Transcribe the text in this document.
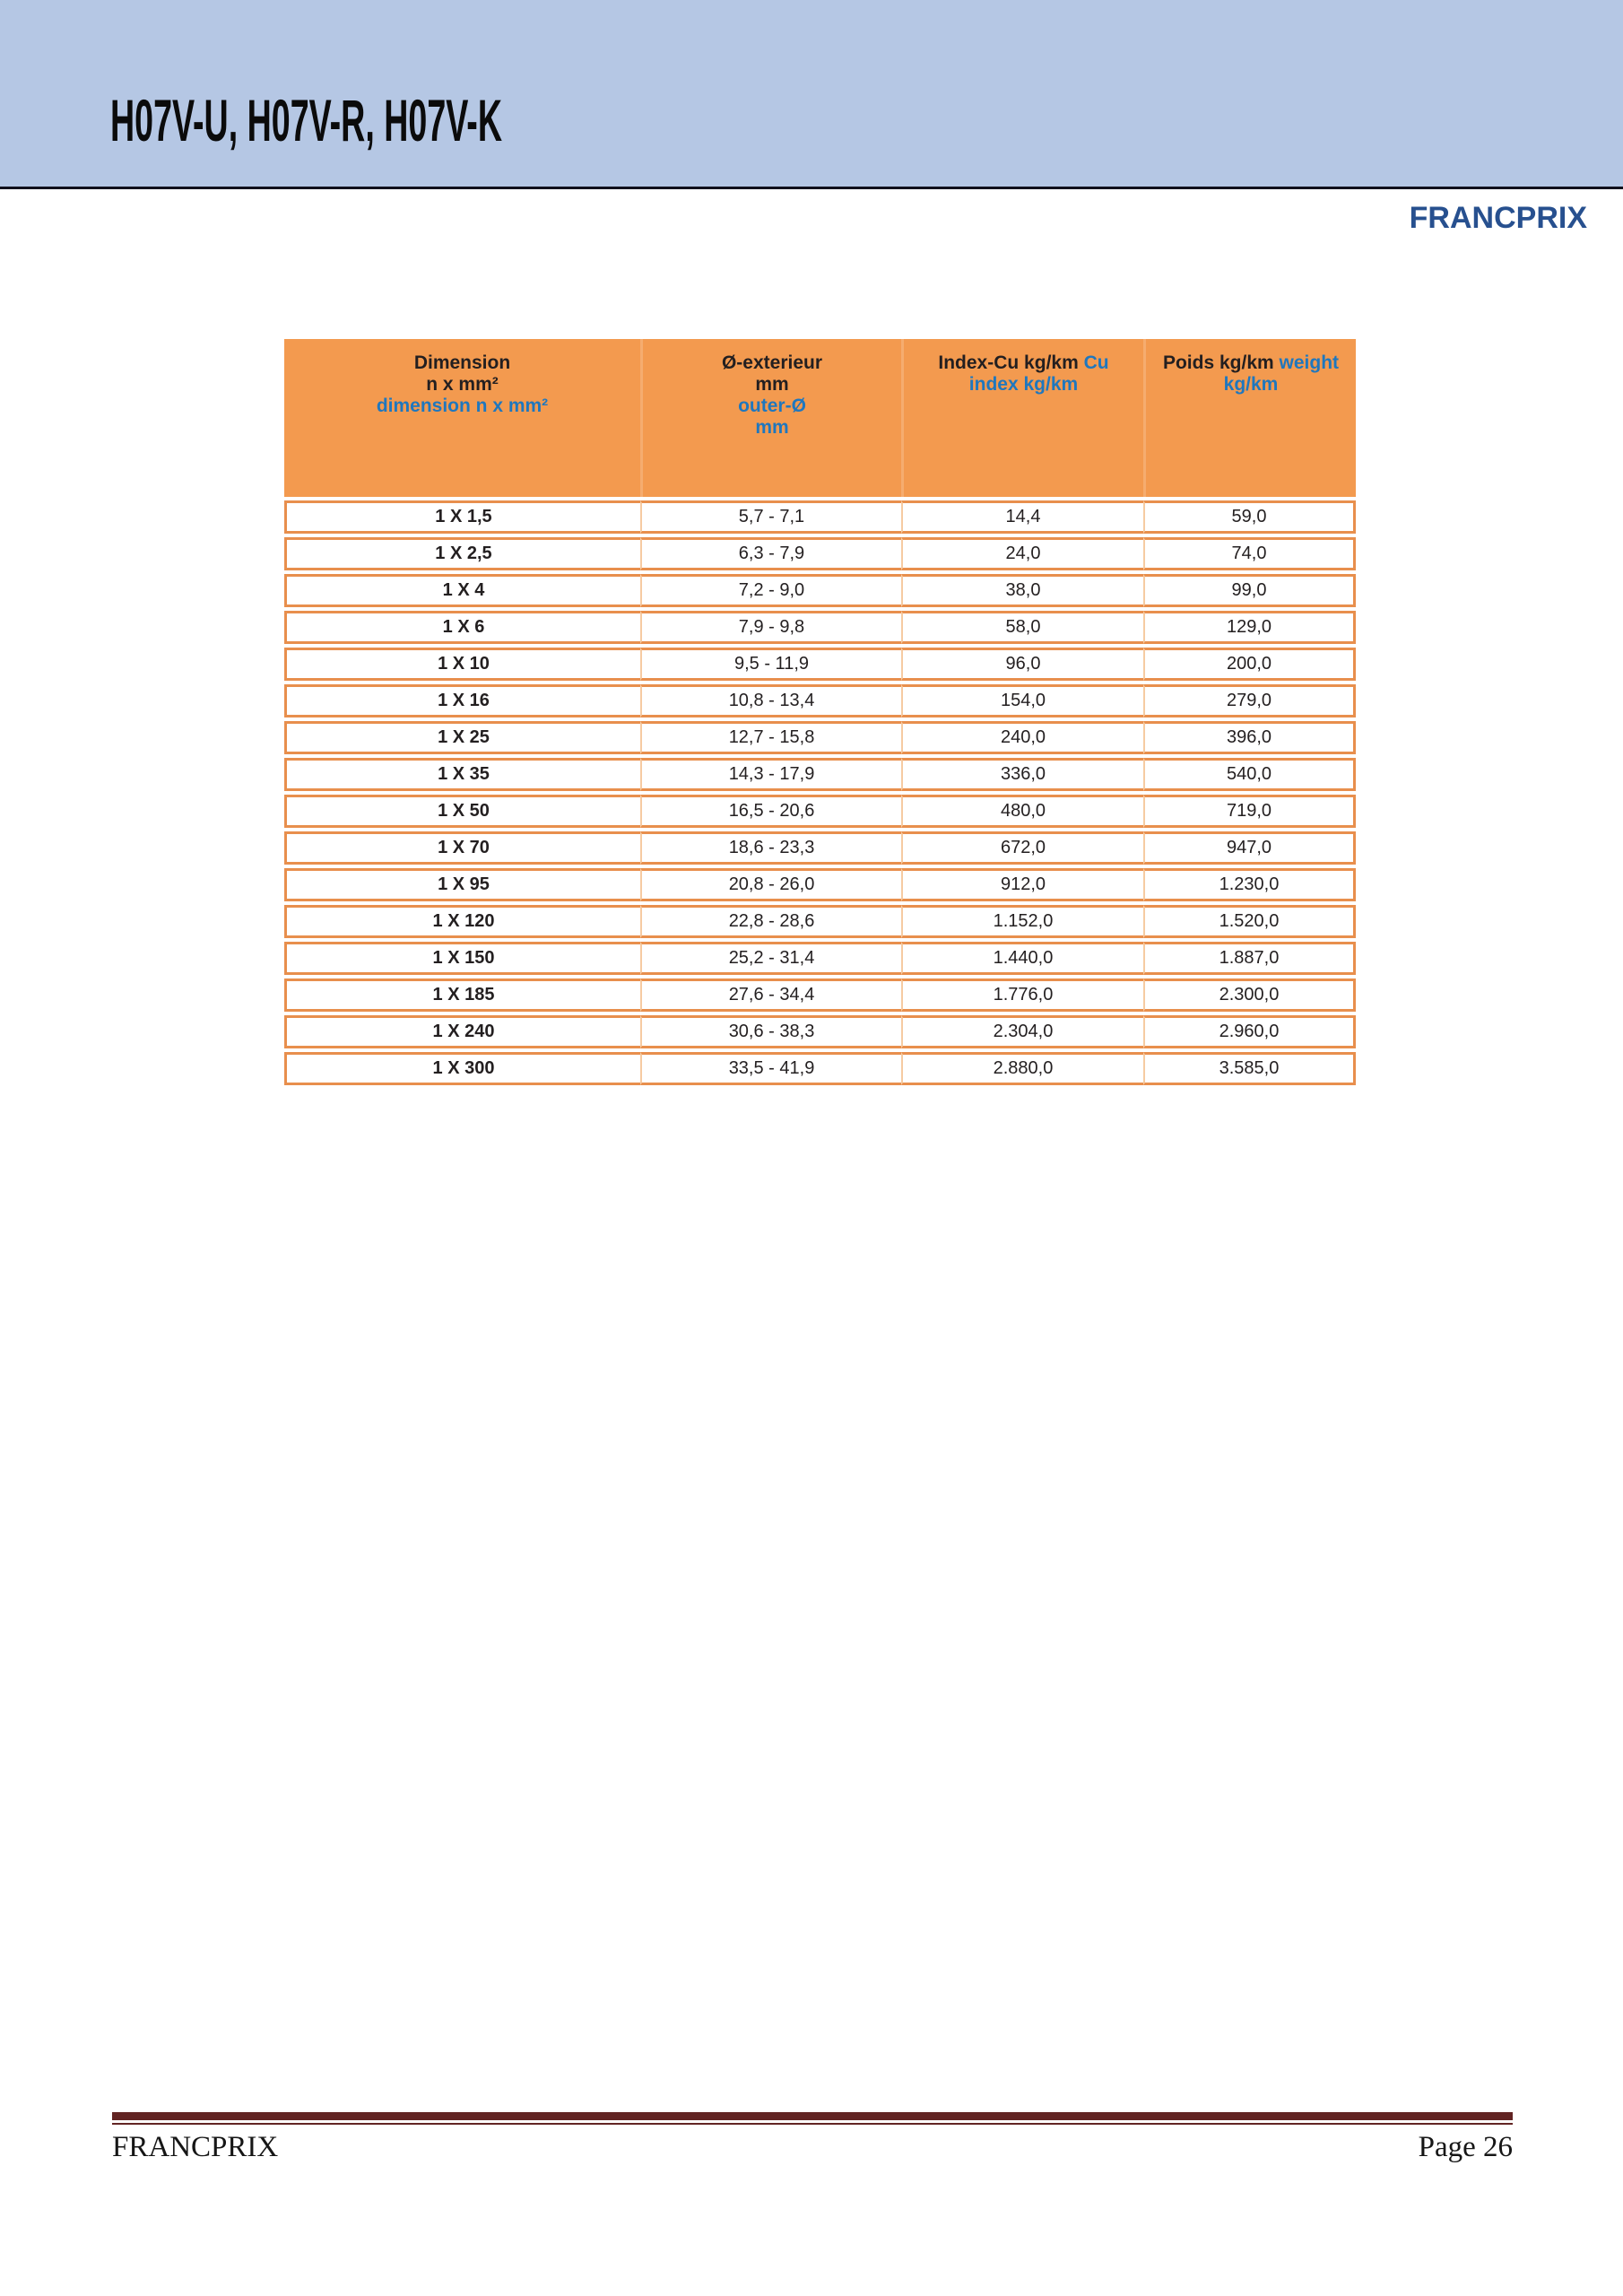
H07V-U, H07V-R, H07V-K
FRANCPRIX
Dimension
n x mm²
dimension n x mm²

Ø-exterieur
mm
outer-Ø
mm

Index-Cu kg/km Cu
index kg/km

Poids kg/km weight
kg/km

1 X 1,5	5,7 - 7,1	14,4	59,0
1 X 2,5	6,3 - 7,9	24,0	74,0
1 X 4	7,2 - 9,0	38,0	99,0
1 X 6	7,9 - 9,8	58,0	129,0
1 X 10	9,5 - 11,9	96,0	200,0
1 X 16	10,8 - 13,4	154,0	279,0
1 X 25	12,7 - 15,8	240,0	396,0
1 X 35	14,3 - 17,9	336,0	540,0
1 X 50	16,5 - 20,6	480,0	719,0
1 X 70	18,6 - 23,3	672,0	947,0
1 X 95	20,8 - 26,0	912,0	1.230,0
1 X 120	22,8 - 28,6	1.152,0	1.520,0
1 X 150	25,2 - 31,4	1.440,0	1.887,0
1 X 185	27,6 - 34,4	1.776,0	2.300,0
1 X 240	30,6 - 38,3	2.304,0	2.960,0
1 X 300	33,5 - 41,9	2.880,0	3.585,0
FRANCPRIX	Page 26
